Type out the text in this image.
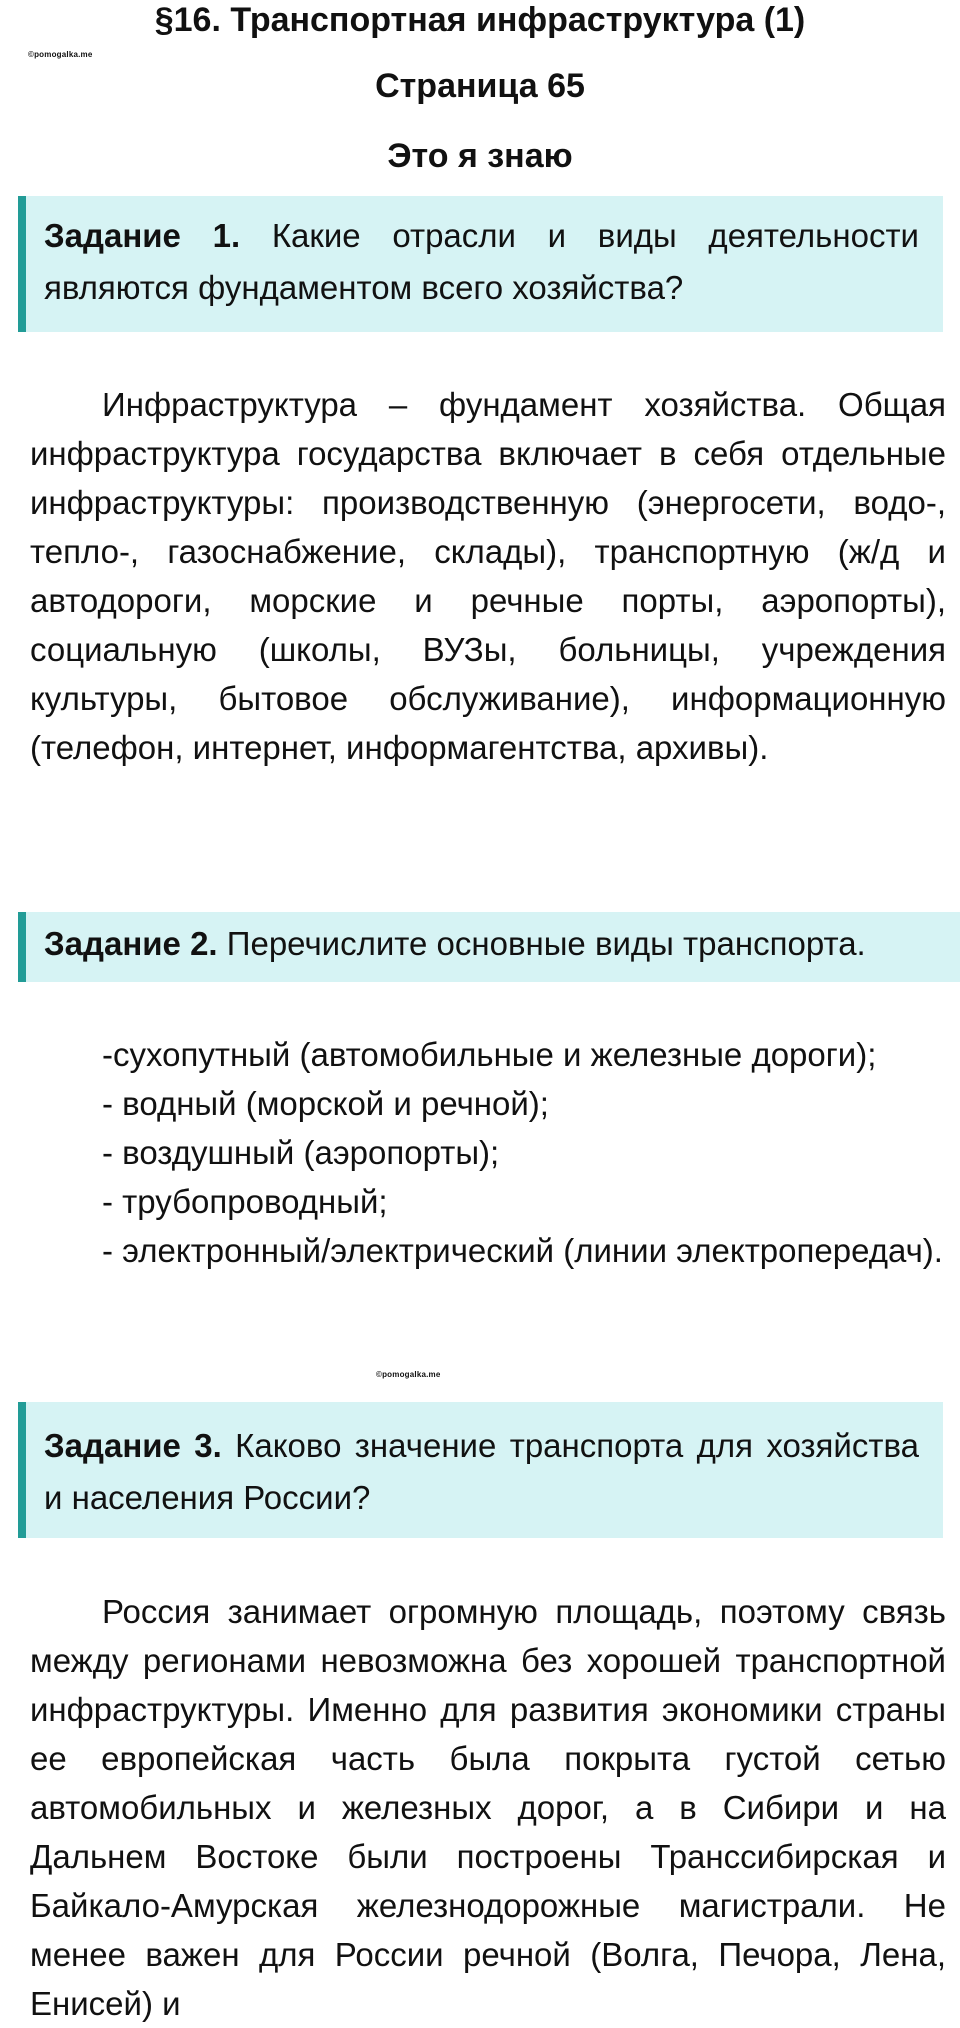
§16. Транспортная инфраструктура (1)
©pomogalka.me
Страница 65
Это я знаю
Задание 1. Какие отрасли и виды деятельности являются фундаментом всего хозяйства?
Инфраструктура – фундамент хозяйства. Общая инфраструктура государства включает в себя отдельные инфраструктуры: производственную (энергосети, водо-, тепло-, газоснабжение, склады), транспортную (ж/д и автодороги, морские и речные порты, аэропорты), социальную (школы, ВУЗы, больницы, учреждения культуры, бытовое обслуживание), информационную (телефон, интернет, информагентства, архивы).
Задание 2. Перечислите основные виды транспорта.
-сухопутный (автомобильные и железные дороги);
- водный (морской и речной);
- воздушный (аэропорты);
- трубопроводный;
- электронный/электрический (линии электропередач).
©pomogalka.me
Задание 3. Каково значение транспорта для хозяйства и населения России?
Россия занимает огромную площадь, поэтому связь между регионами невозможна без хорошей транспортной инфраструктуры. Именно для развития экономики страны ее европейская часть была покрыта густой сетью автомобильных и железных дорог, а в Сибири и на Дальнем Востоке были построены Транссибирская и Байкало-Амурская железнодорожные магистрали. Не менее важен для России речной (Волга, Печора, Лена, Енисей) и
